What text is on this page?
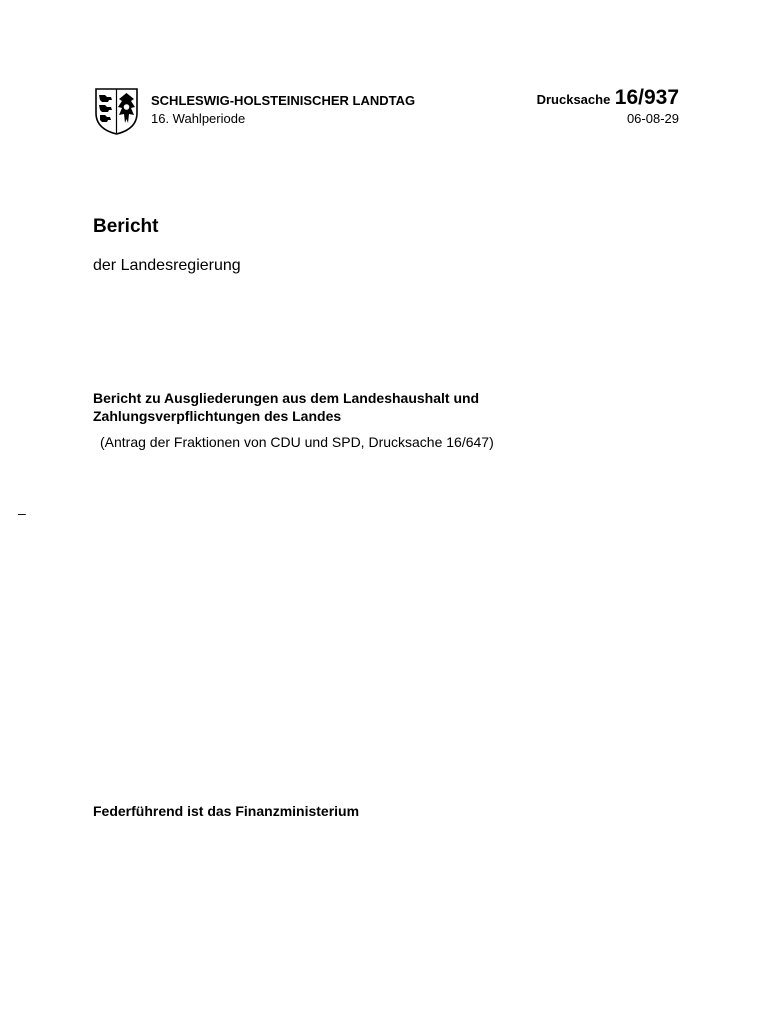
SCHLESWIG-HOLSTEINISCHER LANDTAG
16. Wahlperiode
Drucksache 16/937
06-08-29
Bericht
der Landesregierung
Bericht zu Ausgliederungen aus dem Landeshaushalt und
Zahlungsverpflichtungen des Landes
(Antrag der Fraktionen von CDU und SPD, Drucksache 16/647)
–
Federführend ist das Finanzministerium
